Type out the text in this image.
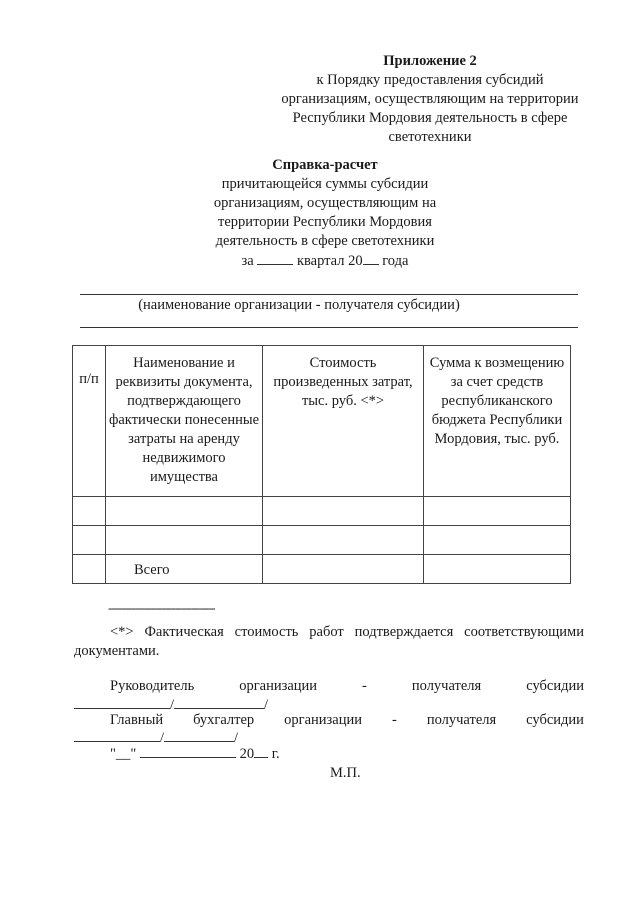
Приложение 2
к Порядку предоставления субсидий
организациям, осуществляющим на территории
Республики Мордовия деятельность в сфере
светотехники
Справка-расчет
причитающейся суммы субсидии
организациям, осуществляющим на
территории Республики Мордовия
деятельность в сфере светотехники
за	квартал 20 года
(наименование организации - получателя субсидии)
п/п	Наименование и реквизиты документа, подтверждающего фактически понесенные затраты на аренду недвижимого имущества	Стоимость произведенных затрат, тыс. руб. <*>	Сумма к возмещению за счет средств республиканского бюджета Республики Мордовия, тыс. руб.

	Всего		

--------------------------------
<*> Фактическая стоимость работ подтверждается соответствующими документами.
Руководитель	организации	-	получателя	субсидии
/	/
Главный бухгалтер организации - получателя субсидии
/	/
"__"	20 г.
М.П.
